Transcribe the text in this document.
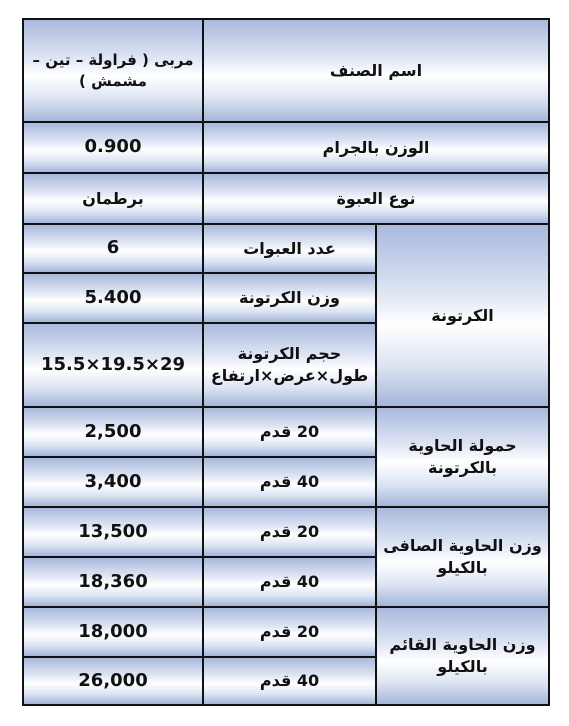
اسم الصنف		مربى ( فراولة – تين – مشمش )
الوزن بالجرام		0.900
نوع العبوة		برطمان
الكرتونة	عدد العبوات	6
	وزن الكرتونة	5.400
	حجم الكرتونة طول×عرض×ارتفاع	15.5×19.5×29
حمولة الحاوية بالكرتونة	20 قدم	2,500
	40 قدم	3,400
وزن الحاوية الصافى بالكيلو	20 قدم	13,500
	40 قدم	18,360
وزن الحاوية القائم بالكيلو	20 قدم	18,000
	40 قدم	26,000
